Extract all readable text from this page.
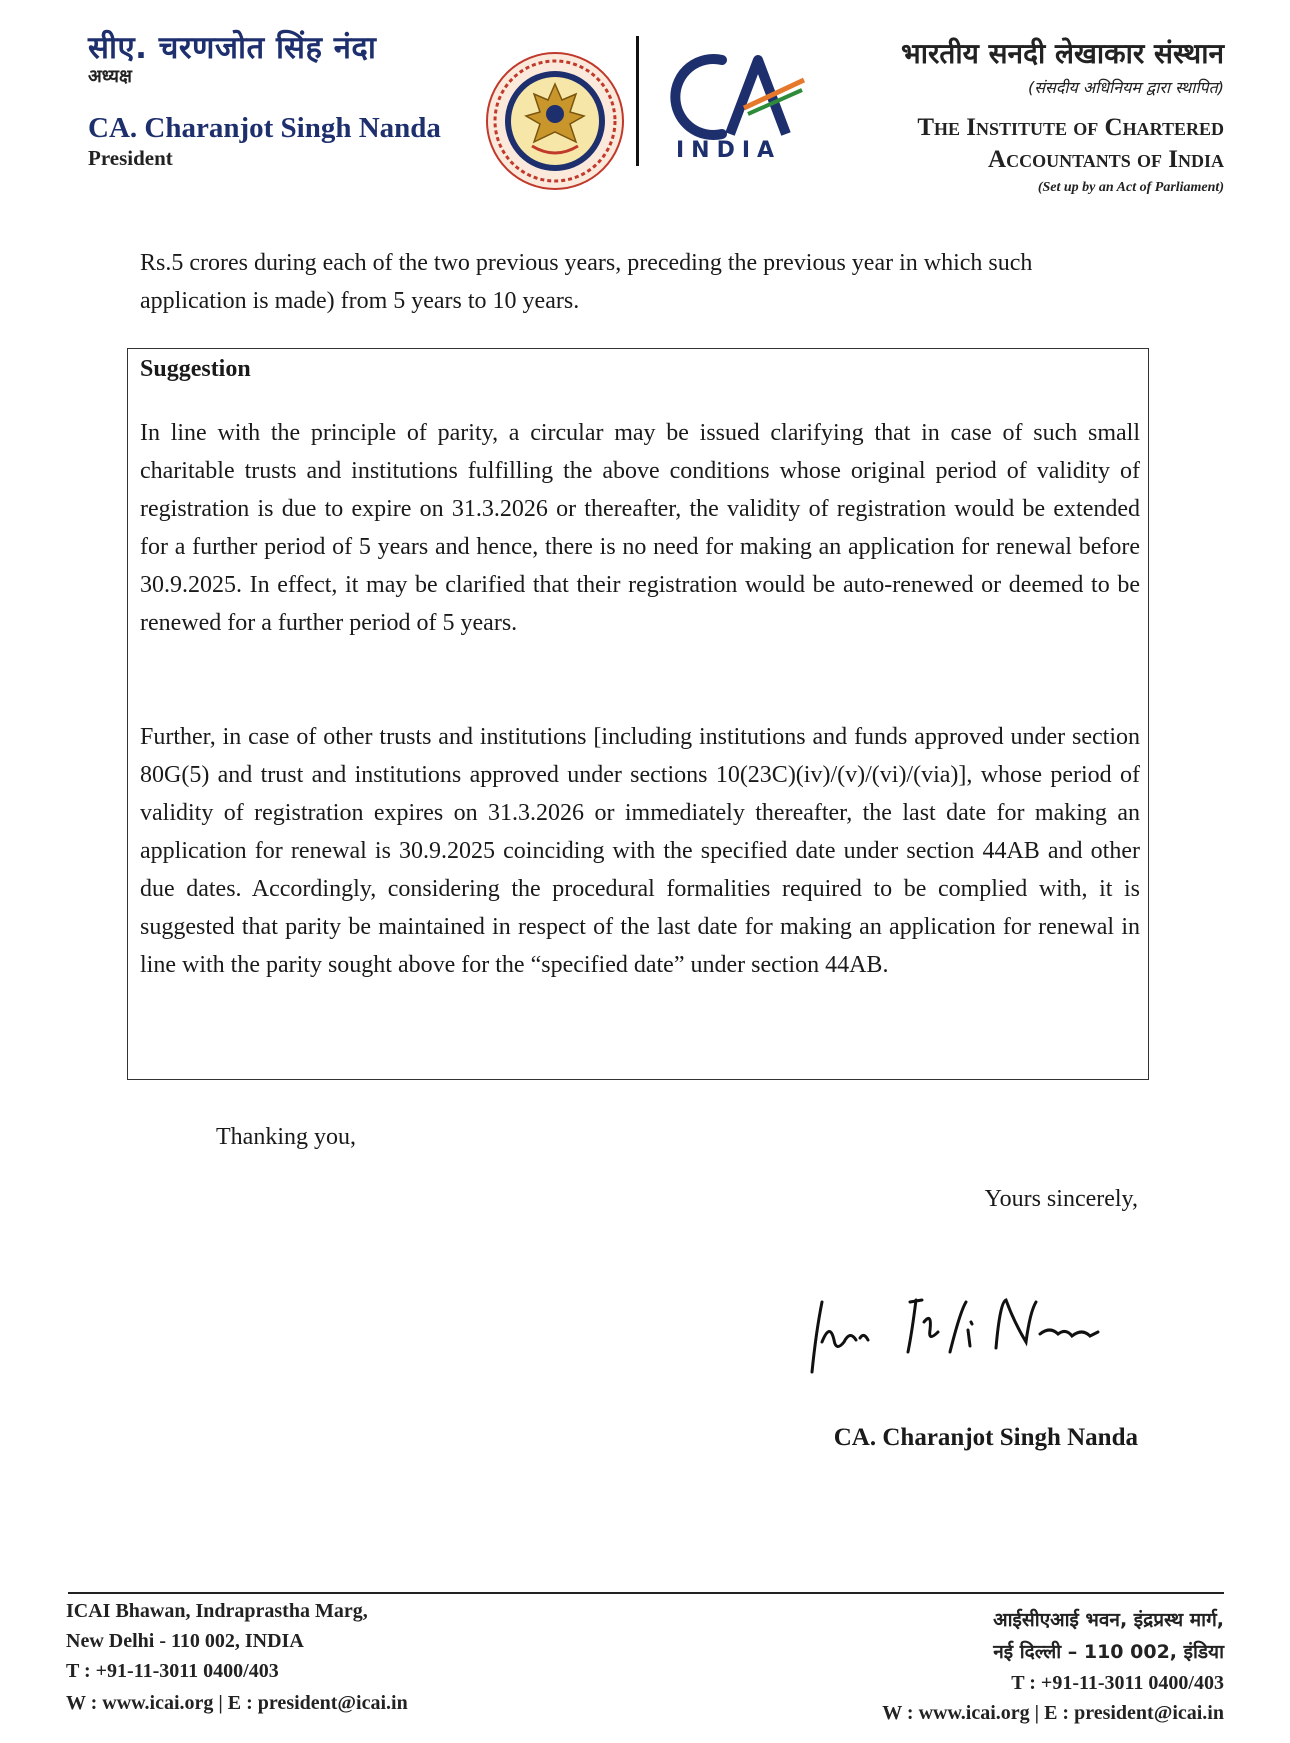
सीए. चरणजोत सिंह नंदा
अध्यक्ष
CA. Charanjot Singh Nanda
President	INDIA
भारतीय सनदी लेखाकार संस्थान
(संसदीय अधिनियम द्वारा स्थापित)
The Institute of Chartered
Accountants of India
(Set up by an Act of Parliament)
Rs.5 crores during each of the two previous years, preceding the previous year in which such application is made) from 5 years to 10 years.
Suggestion
In line with the principle of parity, a circular may be issued clarifying that in case of such small charitable trusts and institutions fulfilling the above conditions whose original period of validity of registration is due to expire on 31.3.2026 or thereafter, the validity of registration would be extended for a further period of 5 years and hence, there is no need for making an application for renewal before 30.9.2025. In effect, it may be clarified that their registration would be auto-renewed or deemed to be renewed for a further period of 5 years.
Further, in case of other trusts and institutions [including institutions and funds approved under section 80G(5) and trust and institutions approved under sections 10(23C)(iv)/(v)/(vi)/(via)], whose period of validity of registration expires on 31.3.2026 or immediately thereafter, the last date for making an application for renewal is 30.9.2025 coinciding with the specified date under section 44AB and other due dates. Accordingly, considering the procedural formalities required to be complied with, it is suggested that parity be maintained in respect of the last date for making an application for renewal in line with the parity sought above for the “specified date” under section 44AB.
Thanking you,
Yours sincerely,
CA. Charanjot Singh Nanda
ICAI Bhawan, Indraprastha Marg,
New Delhi - 110 002, INDIA
T : +91-11-3011 0400/403
W : www.icai.org | E : president@icai.in
आईसीएआई भवन, इंद्रप्रस्थ मार्ग,
नई दिल्ली – 110 002, इंडिया
T : +91-11-3011 0400/403
W : www.icai.org | E : president@icai.in
